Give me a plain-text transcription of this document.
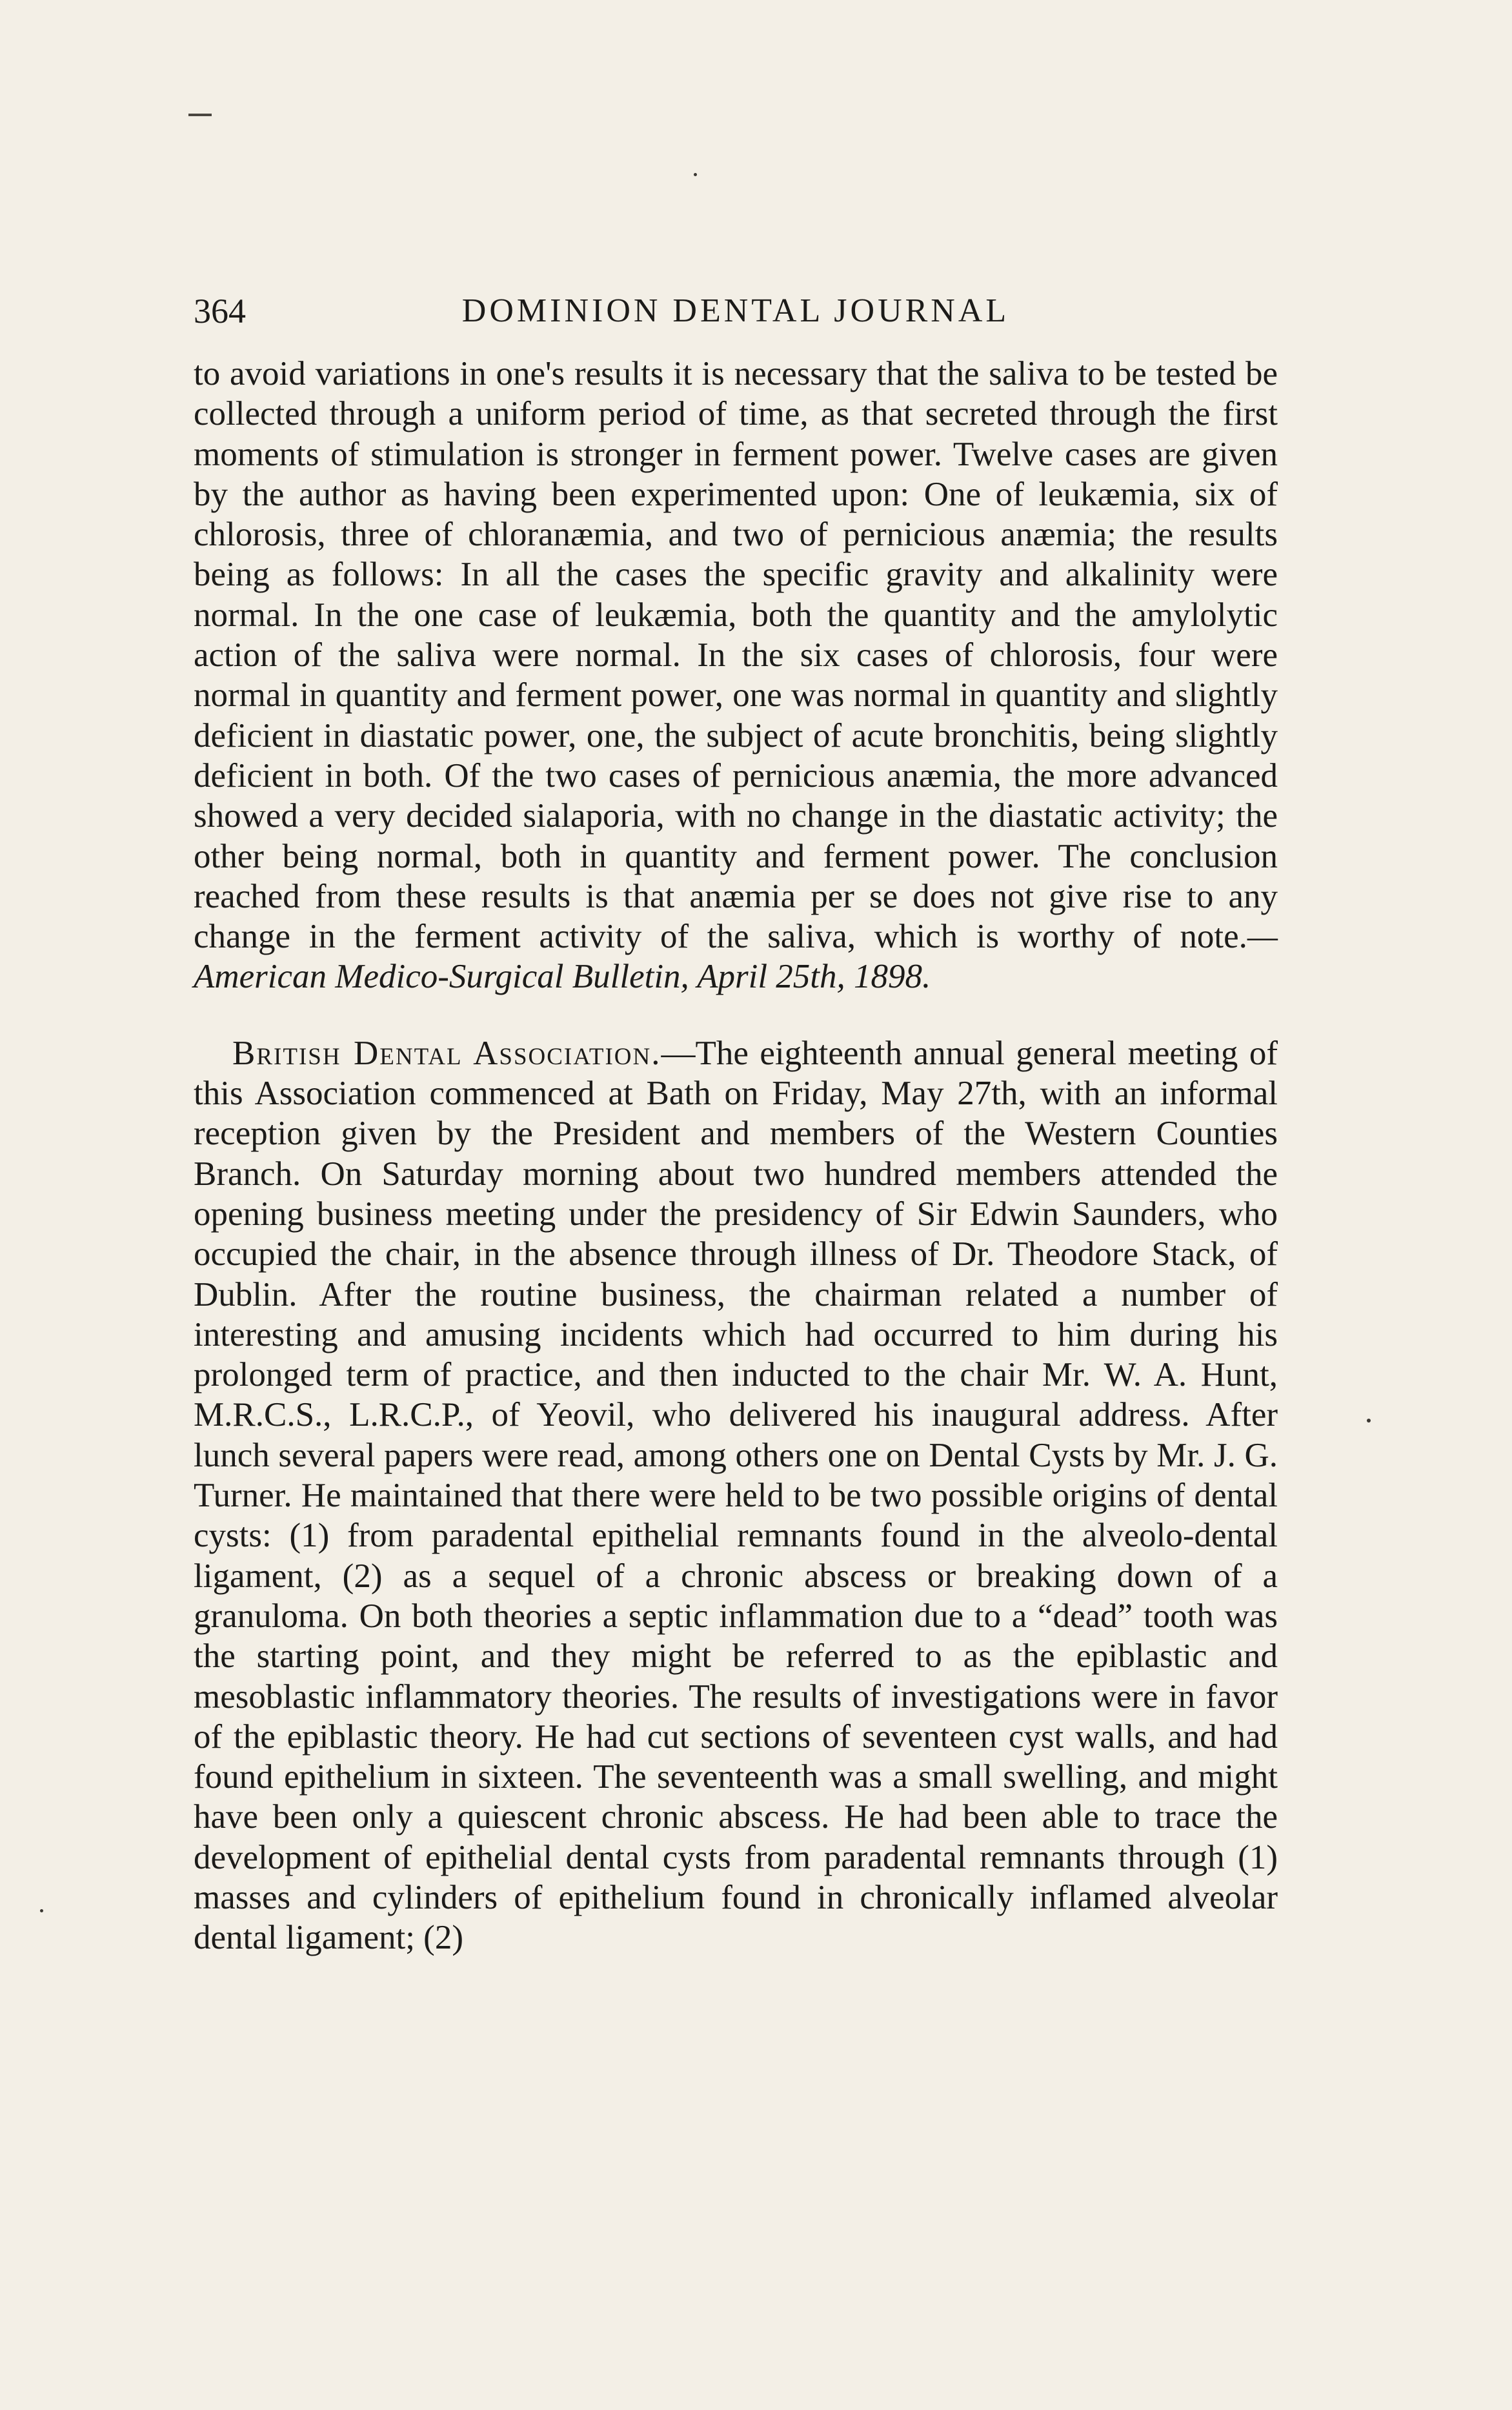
364	DOMINION DENTAL JOURNAL

to avoid variations in one's results it is necessary that the saliva to be tested be collected through a uniform period of time, as that secreted through the first moments of stimulation is stronger in ferment power. Twelve cases are given by the author as having been experimented upon: One of leukæmia, six of chlorosis, three of chloranæmia, and two of pernicious anæmia; the results being as follows: In all the cases the specific gravity and alkalinity were normal. In the one case of leukæmia, both the quantity and the amylolytic action of the saliva were normal. In the six cases of chlorosis, four were normal in quantity and ferment power, one was normal in quantity and slightly deficient in diastatic power, one, the subject of acute bronchitis, being slightly deficient in both. Of the two cases of pernicious anæmia, the more advanced showed a very decided sialaporia, with no change in the diastatic activity; the other being normal, both in quantity and ferment power. The conclusion reached from these results is that anæmia per se does not give rise to any change in the ferment activity of the saliva, which is worthy of note.—American Medico-Surgical Bulletin, April 25th, 1898.

British Dental Association.—The eighteenth annual general meeting of this Association commenced at Bath on Friday, May 27th, with an informal reception given by the President and members of the Western Counties Branch. On Saturday morning about two hundred members attended the opening business meeting under the presidency of Sir Edwin Saunders, who occupied the chair, in the absence through illness of Dr. Theodore Stack, of Dublin. After the routine business, the chairman related a number of interesting and amusing incidents which had occurred to him during his prolonged term of practice, and then inducted to the chair Mr. W. A. Hunt, M.R.C.S., L.R.C.P., of Yeovil, who delivered his inaugural address. After lunch several papers were read, among others one on Dental Cysts by Mr. J. G. Turner. He maintained that there were held to be two possible origins of dental cysts: (1) from paradental epithelial remnants found in the alveolo-dental ligament, (2) as a sequel of a chronic abscess or breaking down of a granuloma. On both theories a septic inflammation due to a “dead” tooth was the starting point, and they might be referred to as the epiblastic and mesoblastic inflammatory theories. The results of investigations were in favor of the epiblastic theory. He had cut sections of seventeen cyst walls, and had found epithelium in sixteen. The seventeenth was a small swelling, and might have been only a quiescent chronic abscess. He had been able to trace the development of epithelial dental cysts from paradental remnants through (1) masses and cylinders of epithelium found in chronically inflamed alveolar dental ligament; (2)
